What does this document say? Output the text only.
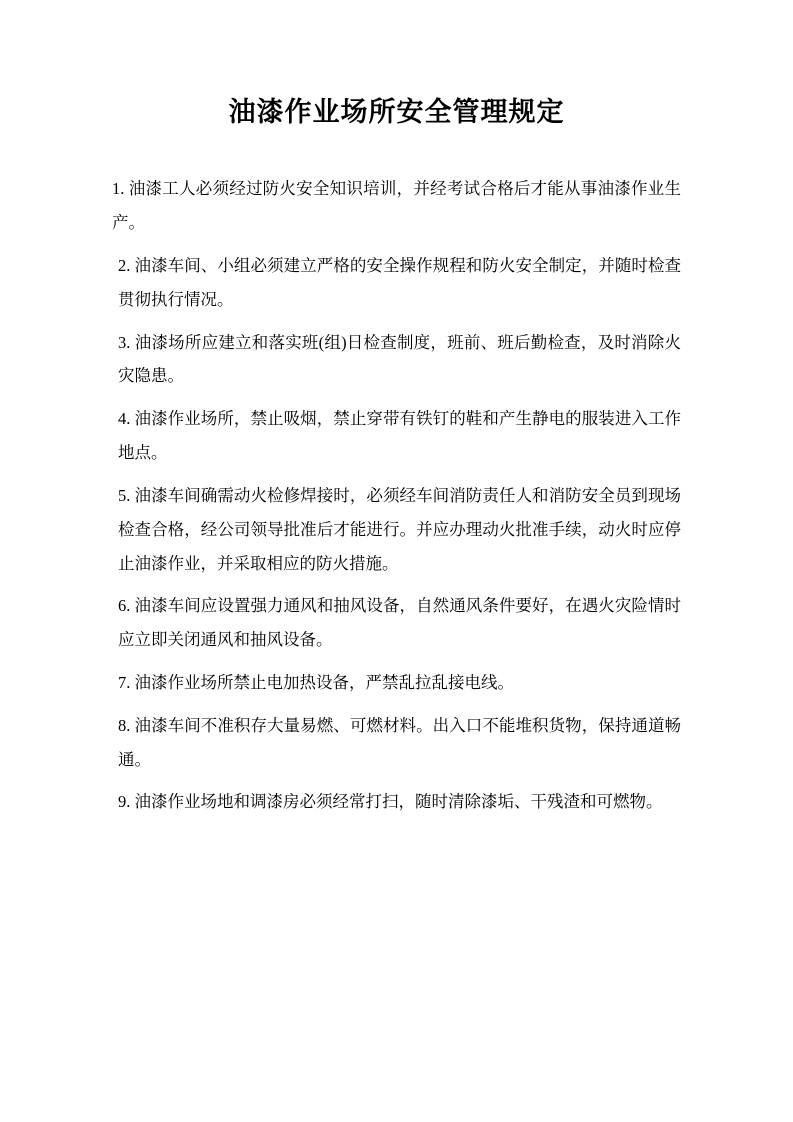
油漆作业场所安全管理规定

1. 油漆工人必须经过防火安全知识培训，并经考试合格后才能从事油漆作业生产。

2. 油漆车间、小组必须建立严格的安全操作规程和防火安全制定，并随时检查贯彻执行情况。

3. 油漆场所应建立和落实班(组)日检查制度，班前、班后勤检查，及时消除火灾隐患。

4. 油漆作业场所，禁止吸烟，禁止穿带有铁钉的鞋和产生静电的服装进入工作地点。

5. 油漆车间确需动火检修焊接时，必须经车间消防责任人和消防安全员到现场检查合格，经公司领导批准后才能进行。并应办理动火批准手续，动火时应停止油漆作业，并采取相应的防火措施。

6. 油漆车间应设置强力通风和抽风设备，自然通风条件要好，在遇火灾险情时应立即关闭通风和抽风设备。

7. 油漆作业场所禁止电加热设备，严禁乱拉乱接电线。

8. 油漆车间不准积存大量易燃、可燃材料。出入口不能堆积货物，保持通道畅通。

9. 油漆作业场地和调漆房必须经常打扫，随时清除漆垢、干残渣和可燃物。
